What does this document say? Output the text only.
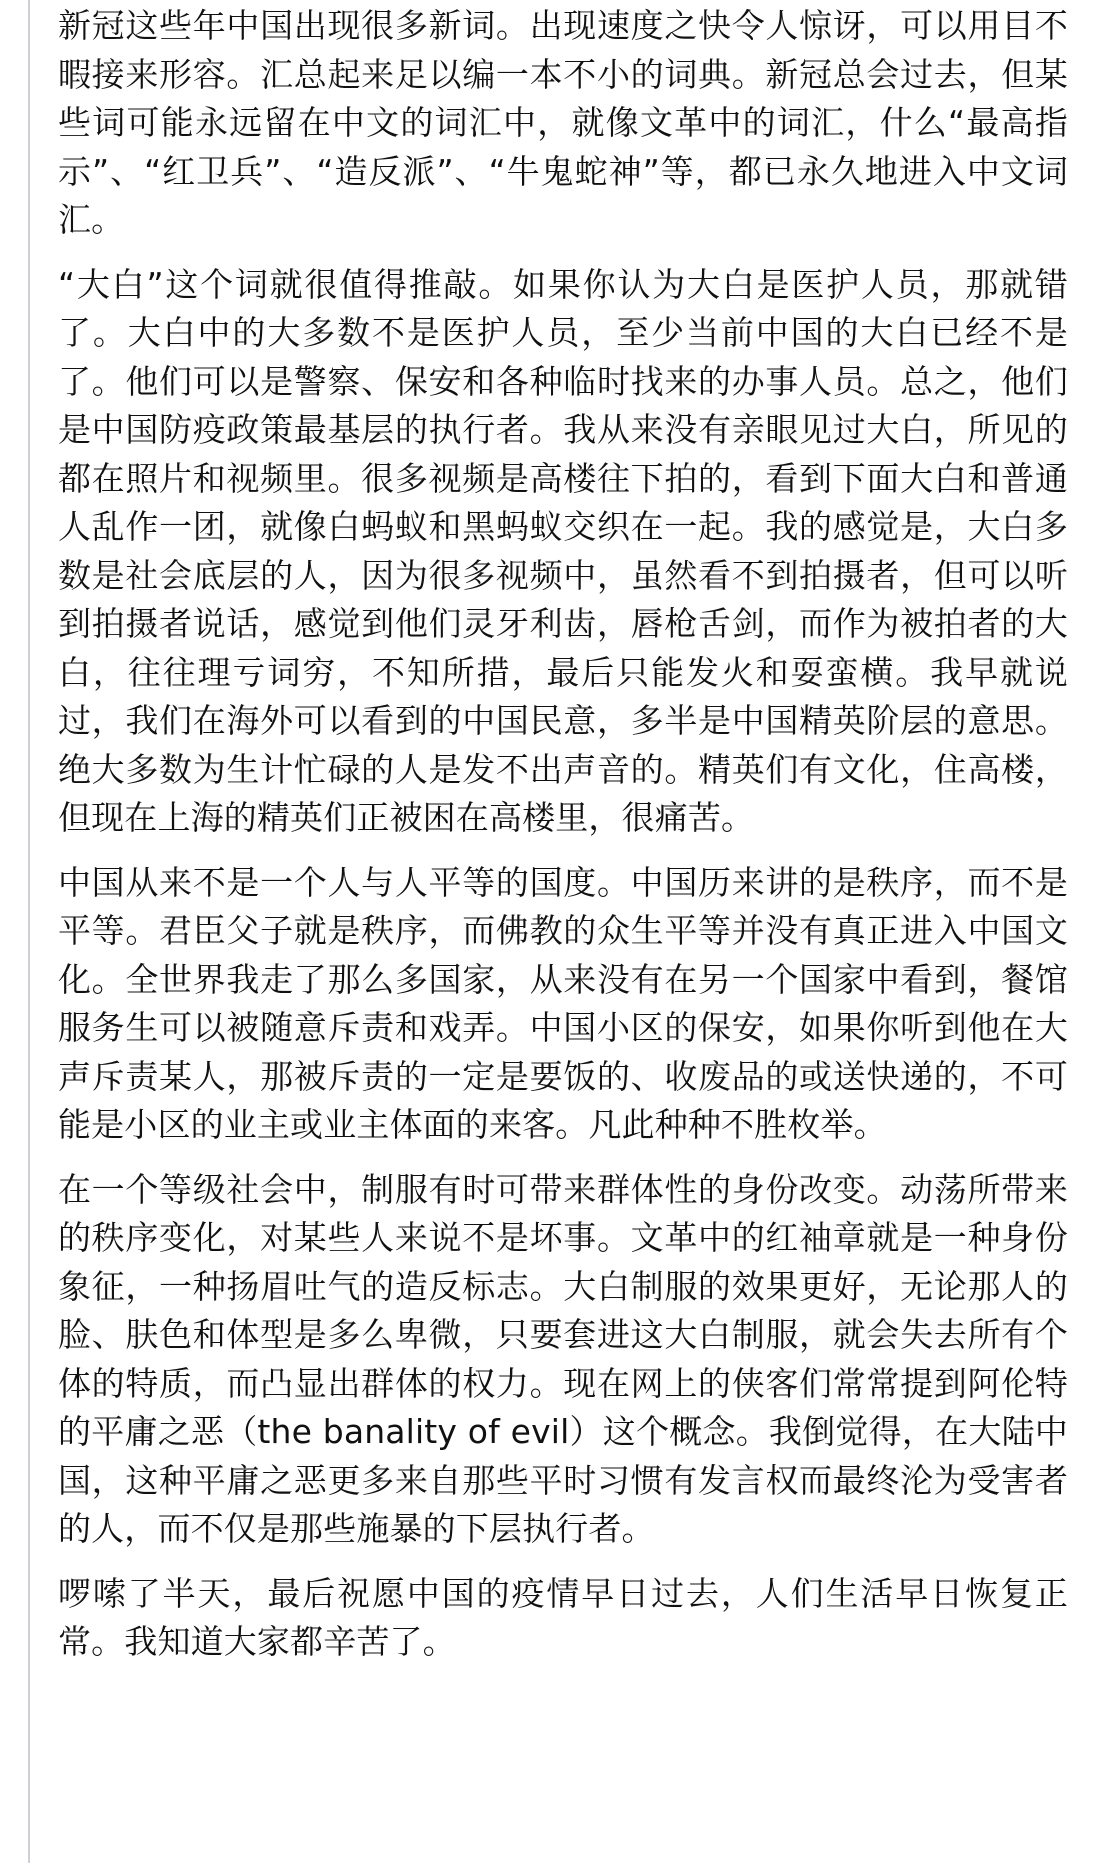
新冠这些年中国出现很多新词。出现速度之快令人惊讶，可以用目不暇接来形容。汇总起来足以编一本不小的词典。新冠总会过去，但某些词可能永远留在中文的词汇中，就像文革中的词汇，什么“最高指示”、“红卫兵”、“造反派”、“牛鬼蛇神”等，都已永久地进入中文词汇。

“大白”这个词就很值得推敲。如果你认为大白是医护人员，那就错了。大白中的大多数不是医护人员，至少当前中国的大白已经不是了。他们可以是警察、保安和各种临时找来的办事人员。总之，他们是中国防疫政策最基层的执行者。我从来没有亲眼见过大白，所见的都在照片和视频里。很多视频是高楼往下拍的，看到下面大白和普通人乱作一团，就像白蚂蚁和黑蚂蚁交织在一起。我的感觉是，大白多数是社会底层的人，因为很多视频中，虽然看不到拍摄者，但可以听到拍摄者说话，感觉到他们灵牙利齿，唇枪舌剑，而作为被拍者的大白，往往理亏词穷，不知所措，最后只能发火和耍蛮横。我早就说过，我们在海外可以看到的中国民意，多半是中国精英阶层的意思。绝大多数为生计忙碌的人是发不出声音的。精英们有文化，住高楼，但现在上海的精英们正被困在高楼里，很痛苦。

中国从来不是一个人与人平等的国度。中国历来讲的是秩序，而不是平等。君臣父子就是秩序，而佛教的众生平等并没有真正进入中国文化。全世界我走了那么多国家，从来没有在另一个国家中看到，餐馆服务生可以被随意斥责和戏弄。中国小区的保安，如果你听到他在大声斥责某人，那被斥责的一定是要饭的、收废品的或送快递的，不可能是小区的业主或业主体面的来客。凡此种种不胜枚举。

在一个等级社会中，制服有时可带来群体性的身份改变。动荡所带来的秩序变化，对某些人来说不是坏事。文革中的红袖章就是一种身份象征，一种扬眉吐气的造反标志。大白制服的效果更好，无论那人的脸、肤色和体型是多么卑微，只要套进这大白制服，就会失去所有个体的特质，而凸显出群体的权力。现在网上的侠客们常常提到阿伦特的平庸之恶（the banality of evil）这个概念。我倒觉得，在大陆中国，这种平庸之恶更多来自那些平时习惯有发言权而最终沦为受害者的人，而不仅是那些施暴的下层执行者。

啰嗦了半天，最后祝愿中国的疫情早日过去，人们生活早日恢复正常。我知道大家都辛苦了。
